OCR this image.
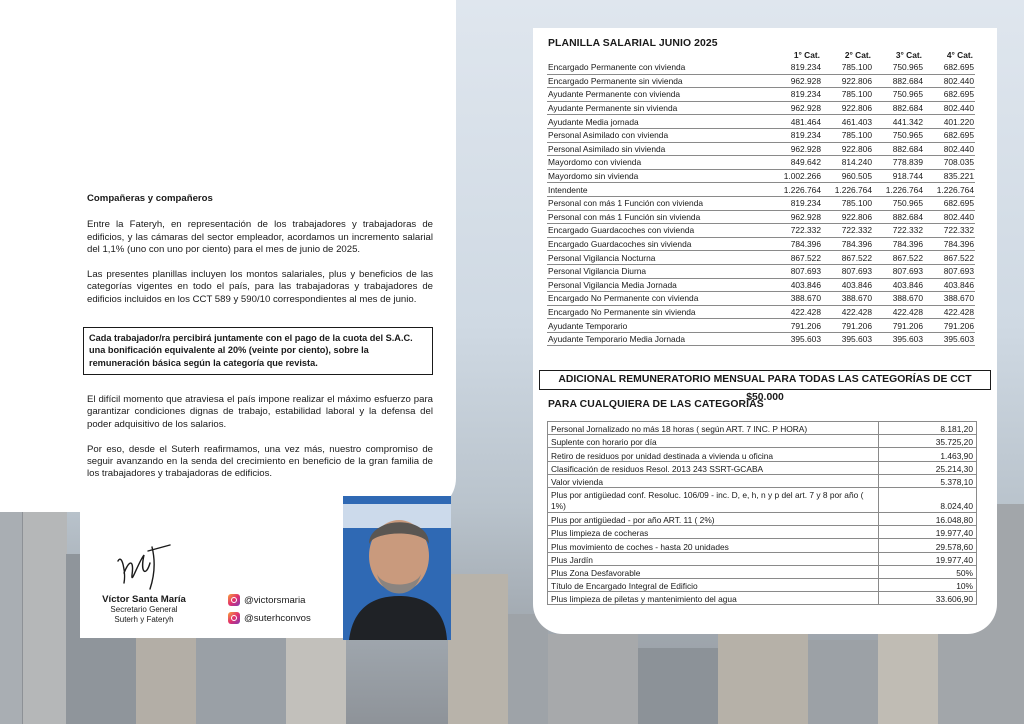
Compañeras y compañeros

Entre la Fateryh, en representación de los trabajadores y trabajadoras de edificios, y las cámaras del sector empleador, acordamos un incremento salarial del 1,1% (uno con uno por ciento) para el mes de junio de 2025.

Las presentes planillas incluyen los montos salariales, plus y beneficios de las categorías vigentes en todo el país, para las trabajadoras y trabajadores de edificios incluidos en los CCT 589 y 590/10 correspondientes al mes de junio.

Cada trabajador/ra percibirá juntamente con el pago de la cuota del S.A.C. una bonificación equivalente al 20% (veinte por ciento), sobre la remuneración básica según la categoría que revista.

El difícil momento que atraviesa el país impone realizar el máximo esfuerzo para garantizar condiciones dignas de trabajo, estabilidad laboral y la defensa del poder adquisitivo de los salarios.

Por eso, desde el Suterh reafirmamos, una vez más, nuestro compromiso de seguir avanzando en la senda del crecimiento en beneficio de la gran familia de los trabajadores y trabajadoras de edificios.

Víctor Santa María
Secretario General
Suterh y Fateryh
@victorsmaria
@suterhconvos
PLANILLA SALARIAL JUNIO 2025
	1° Cat.	2° Cat.	3° Cat.	4° Cat.
Encargado Permanente con vivienda	819.234	785.100	750.965	682.695
Encargado Permanente sin vivienda	962.928	922.806	882.684	802.440
Ayudante Permanente con vivienda	819.234	785.100	750.965	682.695
Ayudante Permanente sin vivienda	962.928	922.806	882.684	802.440
Ayudante Media jornada	481.464	461.403	441.342	401.220
Personal Asimilado con vivienda	819.234	785.100	750.965	682.695
Personal Asimilado sin vivienda	962.928	922.806	882.684	802.440
Mayordomo con vivienda	849.642	814.240	778.839	708.035
Mayordomo sin vivienda	1.002.266	960.505	918.744	835.221
Intendente	1.226.764	1.226.764	1.226.764	1.226.764
Personal con más 1 Función con vivienda	819.234	785.100	750.965	682.695
Personal con más 1 Función sin vivienda	962.928	922.806	882.684	802.440
Encargado Guardacoches con vivienda	722.332	722.332	722.332	722.332
Encargado Guardacoches sin vivienda	784.396	784.396	784.396	784.396
Personal Vigilancia Nocturna	867.522	867.522	867.522	867.522
Personal Vigilancia Diurna	807.693	807.693	807.693	807.693
Personal Vigilancia Media Jornada	403.846	403.846	403.846	403.846
Encargado No Permanente con vivienda	388.670	388.670	388.670	388.670
Encargado No Permanente sin vivienda	422.428	422.428	422.428	422.428
Ayudante Temporario	791.206	791.206	791.206	791.206
Ayudante Temporario Media Jornada	395.603	395.603	395.603	395.603
ADICIONAL REMUNERATORIO MENSUAL PARA TODAS LAS CATEGORÍAS DE CCT $50.000
PARA CUALQUIERA DE LAS CATEGORÍAS
Personal Jornalizado no más 18 horas ( según ART. 7 INC. P HORA)	8.181,20
Suplente con horario por día	35.725,20
Retiro de residuos por unidad destinada a vivienda u oficina	1.463,90
Clasificación de residuos Resol. 2013 243 SSRT-GCABA	25.214,30
Valor vivienda	5.378,10
Plus por antigüedad conf. Resoluc. 106/09 - inc. D, e, h, n y p del art. 7 y 8 por año ( 1%)	8.024,40
Plus por antigüedad - por año ART. 11 ( 2%)	16.048,80
Plus limpieza de cocheras	19.977,40
Plus movimiento de coches - hasta 20 unidades	29.578,60
Plus Jardín	19.977,40
Plus Zona Desfavorable	50%
Título de Encargado Integral de Edificio	10%
Plus limpieza de piletas y mantenimiento del agua	33.606,90
